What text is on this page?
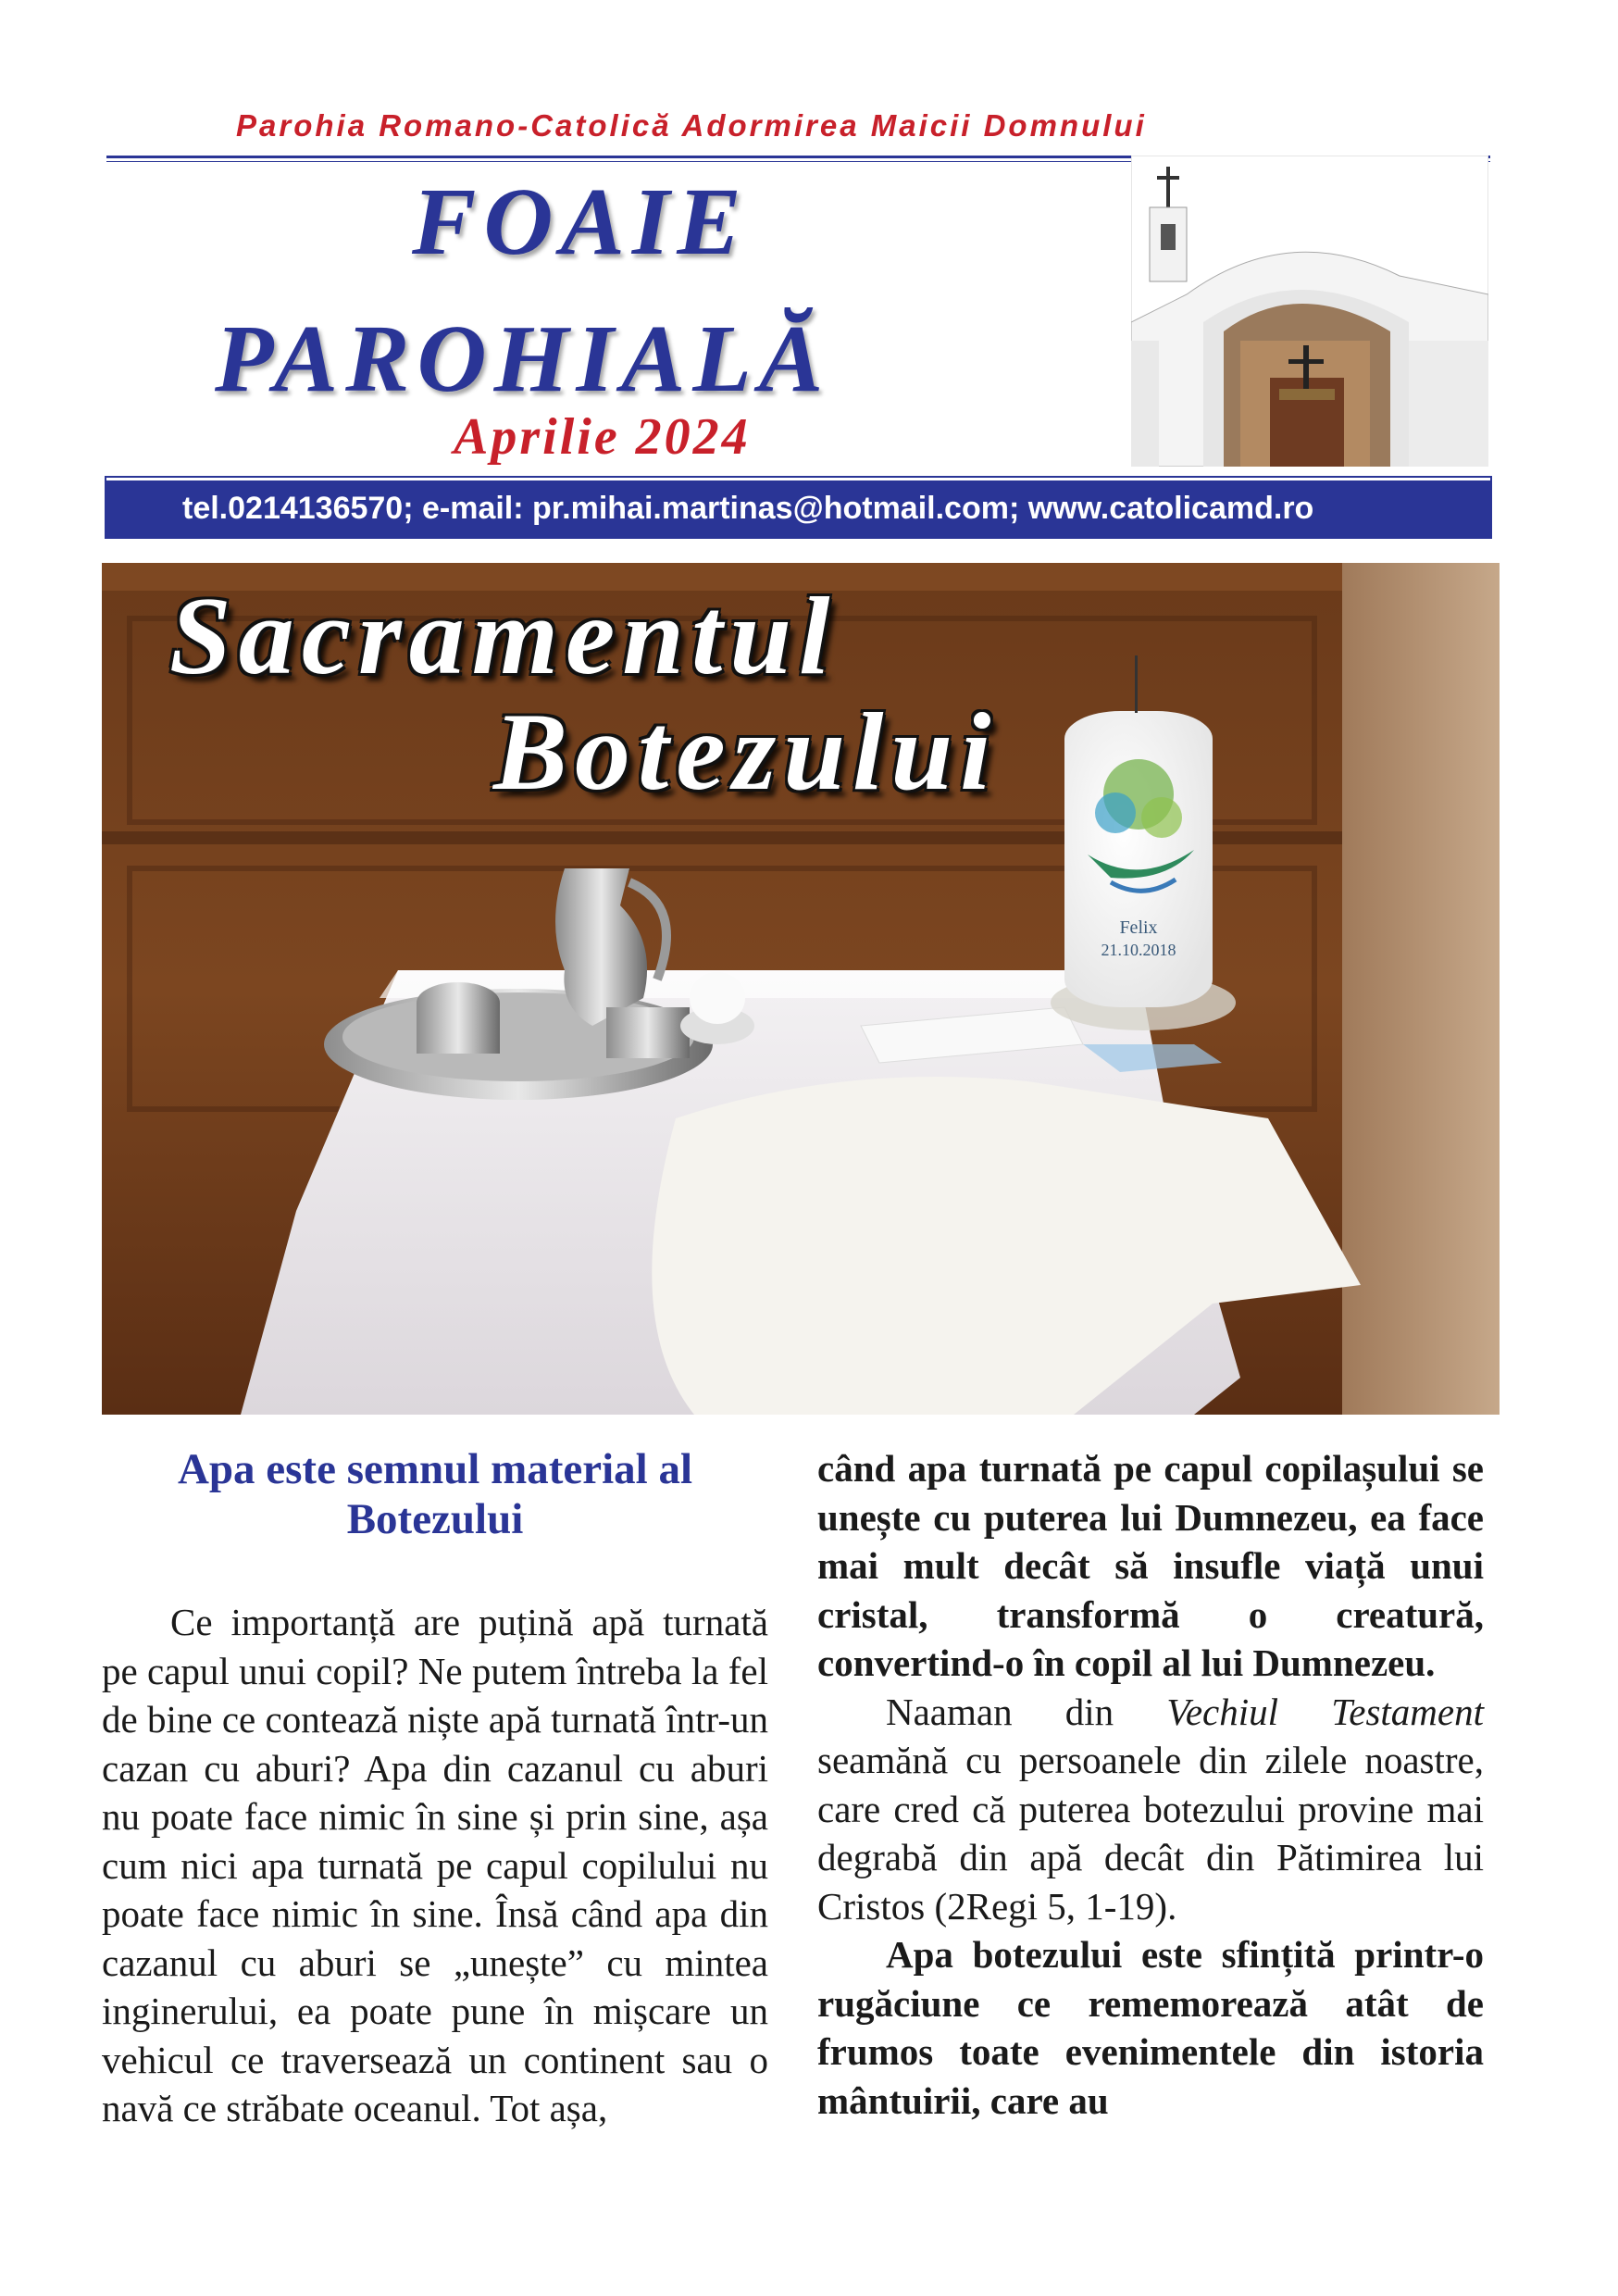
Parohia Romano-Catolică Adormirea Maicii Domnului
FOAIE
PAROHIALĂ
Aprilie 2024
tel.0214136570; e-mail: pr.mihai.martinas@hotmail.com; www.catolicamd.ro
Felix
21.10.2018
Sacramentul
Botezului
Apa este semnul material al Botezului

Ce importanță are puțină apă turnată pe capul unui copil? Ne putem întreba la fel de bine ce contează niște apă turnată într-un cazan cu aburi? Apa din cazanul cu aburi nu poate face nimic în sine și prin sine, așa cum nici apa turnată pe capul copilului nu poate face nimic în sine. Însă când apa din cazanul cu aburi se „unește” cu mintea inginerului, ea poate pune în mișcare un vehicul ce traversează un continent sau o navă ce străbate oceanul. Tot așa,

când apa turnată pe capul copilașului se unește cu puterea lui Dumnezeu, ea face mai mult decât să insufle viață unui cristal, transformă o creatură, convertind-o în copil al lui Dumnezeu.

Naaman din Vechiul Testament seamănă cu persoanele din zilele noastre, care cred că puterea botezului provine mai degrabă din apă decât din Pătimirea lui Cristos (2Regi 5, 1-19).

Apa botezului este sfințită printr-o rugăciune ce rememorează atât de frumos toate evenimentele din istoria mântuirii, care au
